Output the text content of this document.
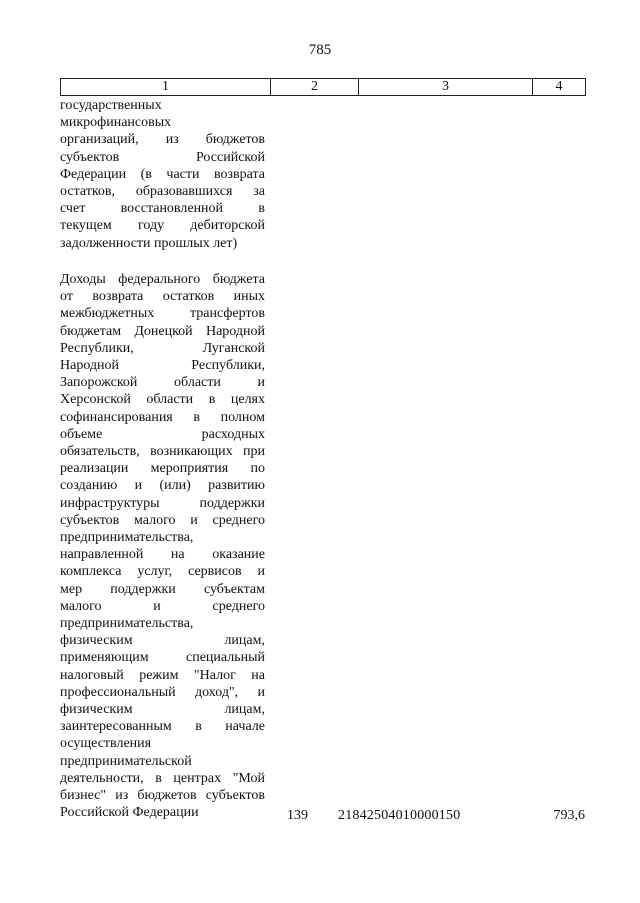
785
1	2	3	4
государственных
микрофинансовых
организаций, из бюджетов
субъектов Российской
Федерации (в части возврата
остатков, образовавшихся за
счет восстановленной в
текущем году дебиторской
задолженности прошлых лет)
Доходы федерального бюджета
от возврата остатков иных
межбюджетных трансфертов
бюджетам Донецкой Народной
Республики, Луганской
Народной Республики,
Запорожской области и
Херсонской области в целях
софинансирования в полном
объеме расходных
обязательств, возникающих при
реализации мероприятия по
созданию и (или) развитию
инфраструктуры поддержки
субъектов малого и среднего
предпринимательства,
направленной на оказание
комплекса услуг, сервисов и
мер поддержки субъектам
малого и среднего
предпринимательства,
физическим лицам,
применяющим специальный
налоговый режим "Налог на
профессиональный доход", и
физическим лицам,
заинтересованным в начале
осуществления
предпринимательской
деятельности, в центрах "Мой
бизнес" из бюджетов субъектов
Российской Федерации	139 21842504010000150	793,6
